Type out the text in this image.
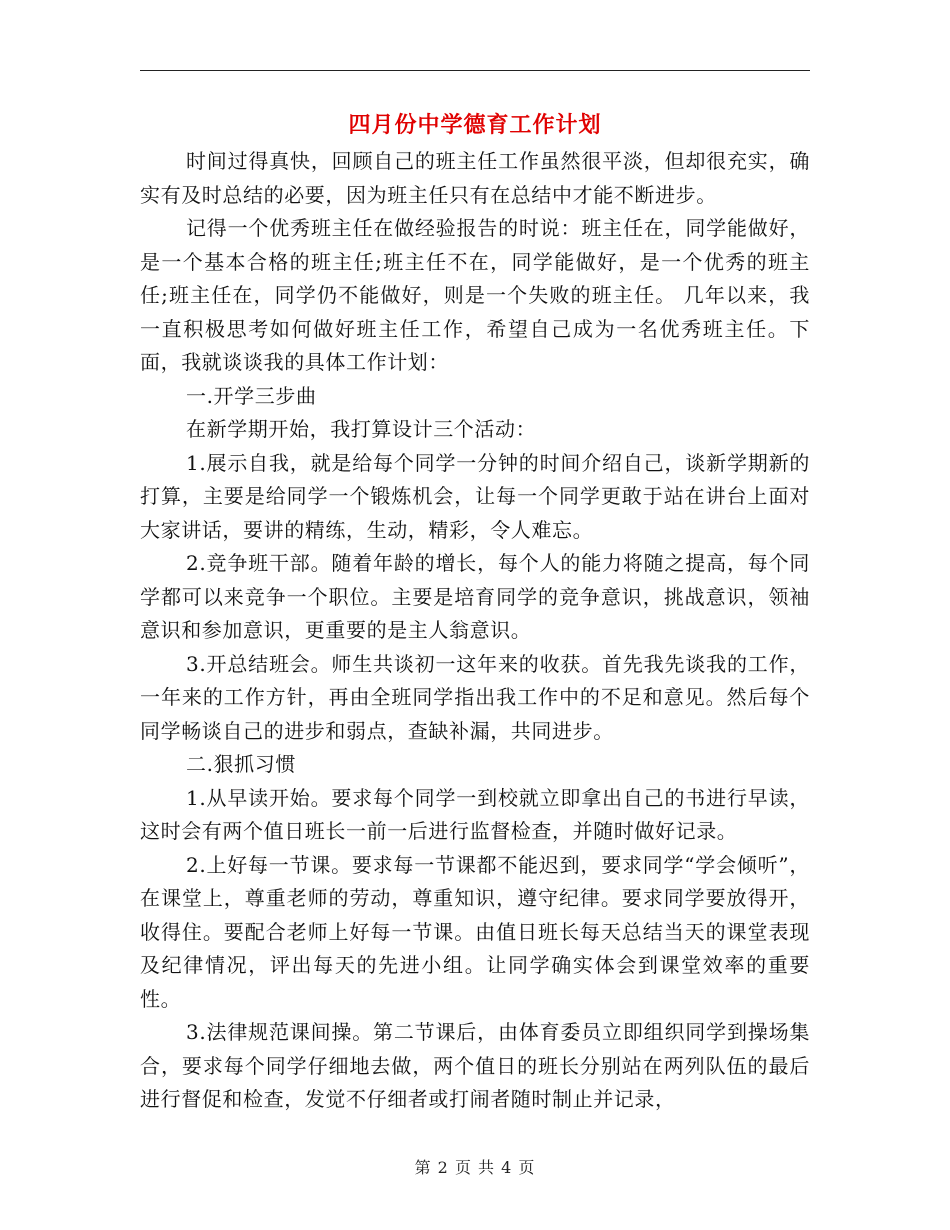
四月份中学德育工作计划

时间过得真快，回顾自己的班主任工作虽然很平淡，但却很充实，确实有及时总结的必要，因为班主任只有在总结中才能不断进步。

记得一个优秀班主任在做经验报告的时说：班主任在，同学能做好，是一个基本合格的班主任;班主任不在，同学能做好，是一个优秀的班主任;班主任在，同学仍不能做好，则是一个失败的班主任。 几年以来，我一直积极思考如何做好班主任工作，希望自己成为一名优秀班主任。下面，我就谈谈我的具体工作计划：

一.开学三步曲

在新学期开始，我打算设计三个活动：

1.展示自我，就是给每个同学一分钟的时间介绍自己，谈新学期新的打算，主要是给同学一个锻炼机会，让每一个同学更敢于站在讲台上面对大家讲话，要讲的精练，生动，精彩，令人难忘。

2.竞争班干部。随着年龄的增长，每个人的能力将随之提高，每个同学都可以来竞争一个职位。主要是培育同学的竞争意识，挑战意识，领袖意识和参加意识，更重要的是主人翁意识。

3.开总结班会。师生共谈初一这年来的收获。首先我先谈我的工作，一年来的工作方针，再由全班同学指出我工作中的不足和意见。然后每个同学畅谈自己的进步和弱点，查缺补漏，共同进步。

二.狠抓习惯

1.从早读开始。要求每个同学一到校就立即拿出自己的书进行早读，这时会有两个值日班长一前一后进行监督检查，并随时做好记录。

2.上好每一节课。要求每一节课都不能迟到，要求同学“学会倾听”，在课堂上，尊重老师的劳动，尊重知识，遵守纪律。要求同学要放得开，收得住。要配合老师上好每一节课。由值日班长每天总结当天的课堂表现及纪律情况，评出每天的先进小组。让同学确实体会到课堂效率的重要性。

3.法律规范课间操。第二节课后，由体育委员立即组织同学到操场集合，要求每个同学仔细地去做，两个值日的班长分别站在两列队伍的最后进行督促和检查，发觉不仔细者或打闹者随时制止并记录，

第 2 页 共 4 页
